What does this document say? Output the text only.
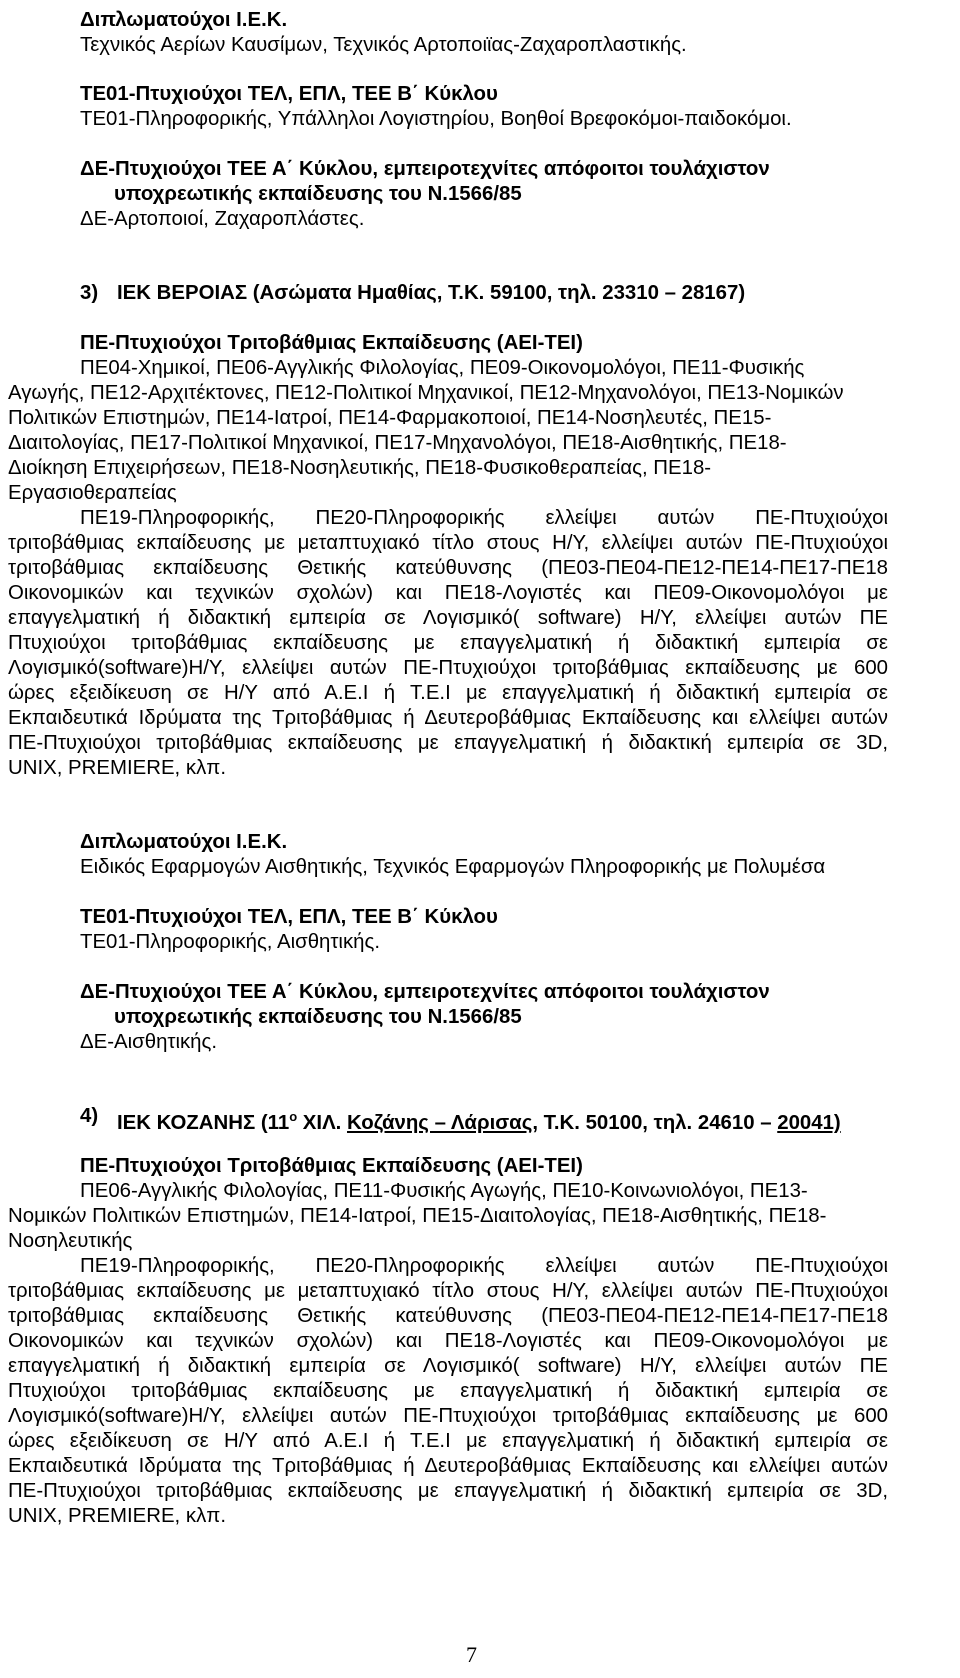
Διπλωματούχοι Ι.Ε.Κ.
Τεχνικός Αερίων Καυσίμων, Τεχνικός Αρτοποιϊας-Ζαχαροπλαστικής.
ΤΕ01-Πτυχιούχοι ΤΕΛ, ΕΠΛ, ΤΕΕ Β΄ Κύκλου
ΤΕ01-Πληροφορικής, Υπάλληλοι Λογιστηρίου, Βοηθοί Βρεφοκόμοι-παιδοκόμοι.
ΔΕ-Πτυχιούχοι ΤΕΕ Α΄ Κύκλου, εμπειροτεχνίτες απόφοιτοι τουλάχιστον
υποχρεωτικής εκπαίδευσης του Ν.1566/85
ΔΕ-Αρτοποιοί, Ζαχαροπλάστες.
3) ΙΕΚ ΒΕΡΟΙΑΣ (Ασώματα Ημαθίας, Τ.Κ. 59100, τηλ. 23310 – 28167)
ΠΕ-Πτυχιούχοι Τριτοβάθμιας Εκπαίδευσης (ΑΕΙ-ΤΕΙ)
ΠΕ04-Χημικοί, ΠΕ06-Αγγλικής Φιλολογίας, ΠΕ09-Οικονομολόγοι, ΠΕ11-Φυσικής
Αγωγής, ΠΕ12-Αρχιτέκτονες, ΠΕ12-Πολιτικοί Μηχανικοί, ΠΕ12-Μηχανολόγοι, ΠΕ13-Νομικών
Πολιτικών Επιστημών, ΠΕ14-Ιατροί, ΠΕ14-Φαρμακοποιοί, ΠΕ14-Νοσηλευτές, ΠΕ15-
Διαιτολογίας, ΠΕ17-Πολιτικοί Μηχανικοί, ΠΕ17-Μηχανολόγοι, ΠΕ18-Αισθητικής, ΠΕ18-
Διοίκηση Επιχειρήσεων, ΠΕ18-Νοσηλευτικής, ΠΕ18-Φυσικοθεραπείας, ΠΕ18-
Εργασιοθεραπείας
ΠΕ19-Πληροφορικής, ΠΕ20-Πληροφορικής ελλείψει αυτών ΠΕ-Πτυχιούχοι
τριτοβάθμιας εκπαίδευσης με μεταπτυχιακό τίτλο στους Η/Υ, ελλείψει αυτών ΠΕ-Πτυχιούχοι
τριτοβάθμιας εκπαίδευσης Θετικής κατεύθυνσης (ΠΕ03-ΠΕ04-ΠΕ12-ΠΕ14-ΠΕ17-ΠΕ18
Οικονομικών και τεχνικών σχολών) και ΠΕ18-Λογιστές και ΠΕ09-Οικονομολόγοι με
επαγγελματική ή διδακτική εμπειρία σε Λογισμικό( software) Η/Υ, ελλείψει αυτών ΠΕ
Πτυχιούχοι τριτοβάθμιας εκπαίδευσης με επαγγελματική ή διδακτική εμπειρία σε
Λογισμικό(software)Η/Υ, ελλείψει αυτών ΠΕ-Πτυχιούχοι τριτοβάθμιας εκπαίδευσης με 600
ώρες εξειδίκευση σε Η/Υ από Α.Ε.Ι ή Τ.Ε.Ι με επαγγελματική ή διδακτική εμπειρία σε
Εκπαιδευτικά Ιδρύματα της Τριτοβάθμιας ή Δευτεροβάθμιας Εκπαίδευσης και ελλείψει αυτών
ΠΕ-Πτυχιούχοι τριτοβάθμιας εκπαίδευσης με επαγγελματική ή διδακτική εμπειρία σε 3D,
UNIX, PREMIERE, κλπ.
Διπλωματούχοι Ι.Ε.Κ.
Ειδικός Εφαρμογών Αισθητικής, Τεχνικός Εφαρμογών Πληροφορικής με Πολυμέσα
ΤΕ01-Πτυχιούχοι ΤΕΛ, ΕΠΛ, ΤΕΕ Β΄ Κύκλου
ΤΕ01-Πληροφορικής, Αισθητικής.
ΔΕ-Πτυχιούχοι ΤΕΕ Α΄ Κύκλου, εμπειροτεχνίτες απόφοιτοι τουλάχιστον
υποχρεωτικής εκπαίδευσης του Ν.1566/85
ΔΕ-Αισθητικής.
4) ΙΕΚ ΚΟΖΑΝΗΣ ($11^o$ ΧΙΛ. Κοζάνης – Λάρισας, Τ.Κ. 50100, τηλ. 24610 – 20041)
ΠΕ-Πτυχιούχοι Τριτοβάθμιας Εκπαίδευσης (ΑΕΙ-ΤΕΙ)
ΠΕ06-Αγγλικής Φιλολογίας, ΠΕ11-Φυσικής Αγωγής, ΠΕ10-Κοινωνιολόγοι, ΠΕ13-
Νομικών Πολιτικών Επιστημών, ΠΕ14-Ιατροί, ΠΕ15-Διαιτολογίας, ΠΕ18-Αισθητικής, ΠΕ18-
Νοσηλευτικής
ΠΕ19-Πληροφορικής, ΠΕ20-Πληροφορικής ελλείψει αυτών ΠΕ-Πτυχιούχοι
τριτοβάθμιας εκπαίδευσης με μεταπτυχιακό τίτλο στους Η/Υ, ελλείψει αυτών ΠΕ-Πτυχιούχοι
τριτοβάθμιας εκπαίδευσης Θετικής κατεύθυνσης (ΠΕ03-ΠΕ04-ΠΕ12-ΠΕ14-ΠΕ17-ΠΕ18
Οικονομικών και τεχνικών σχολών) και ΠΕ18-Λογιστές και ΠΕ09-Οικονομολόγοι με
επαγγελματική ή διδακτική εμπειρία σε Λογισμικό( software) Η/Υ, ελλείψει αυτών ΠΕ
Πτυχιούχοι τριτοβάθμιας εκπαίδευσης με επαγγελματική ή διδακτική εμπειρία σε
Λογισμικό(software)Η/Υ, ελλείψει αυτών ΠΕ-Πτυχιούχοι τριτοβάθμιας εκπαίδευσης με 600
ώρες εξειδίκευση σε Η/Υ από Α.Ε.Ι ή Τ.Ε.Ι με επαγγελματική ή διδακτική εμπειρία σε
Εκπαιδευτικά Ιδρύματα της Τριτοβάθμιας ή Δευτεροβάθμιας Εκπαίδευσης και ελλείψει αυτών
ΠΕ-Πτυχιούχοι τριτοβάθμιας εκπαίδευσης με επαγγελματική ή διδακτική εμπειρία σε 3D,
UNIX, PREMIERE, κλπ.
7
